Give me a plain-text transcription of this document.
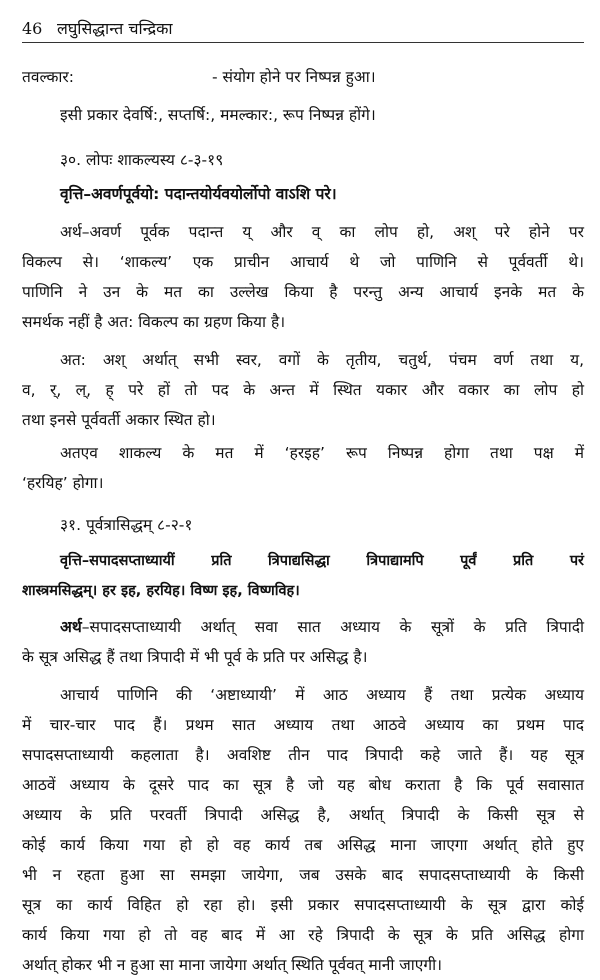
46 लघुसिद्धान्त चन्द्रिका
तवल्कार:	- संयोग होने पर निष्पन्न हुआ।
इसी प्रकार देवर्षि:, सप्तर्षि:, ममल्कार:, रूप निष्पन्न होंगे।
३०. लोपः शाकल्यस्य ८-३-१९
वृत्ति–अवर्णपूर्वयो: पदान्तयोर्यवयोर्लोपो वाऽशि परे।
अर्थ–अवर्ण पूर्वक पदान्त य् और व् का लोप हो, अश् परे होने पर
विकल्प से। ‘शाकल्य’ एक प्राचीन आचार्य थे जो पाणिनि से पूर्ववर्ती थे।
पाणिनि ने उन के मत का उल्लेख किया है परन्तु अन्य आचार्य इनके मत के
समर्थक नहीं है अत: विकल्प का ग्रहण किया है।
अत: अश् अर्थात् सभी स्वर, वगों के तृतीय, चतुर्थ, पंचम वर्ण तथा य,
व, र्, ल्, ह् परे हों तो पद के अन्त में स्थित यकार और वकार का लोप हो
तथा इनसे पूर्ववर्ती अकार स्थित हो।
अतएव शाकल्य के मत में ‘हरइह’ रूप निष्पन्न होगा तथा पक्ष में
‘हरयिह’ होगा।
३१. पूर्वत्रासिद्धम् ८-२-१
वृत्ति–सपादसप्ताध्यायीं प्रति त्रिपाद्यसिद्धा त्रिपाद्यामपि पूर्वं प्रति परं
शास्त्रमसिद्धम्। हर इह, हरयिह। विष्ण इह, विष्णविह।
अर्थ–सपादसप्ताध्यायी अर्थात् सवा सात अध्याय के सूत्रों के प्रति त्रिपादी
के सूत्र असिद्ध हैं तथा त्रिपादी में भी पूर्व के प्रति पर असिद्ध है।
आचार्य पाणिनि की ‘अष्टाध्यायी’ में आठ अध्याय हैं तथा प्रत्येक अध्याय
में चार-चार पाद हैं। प्रथम सात अध्याय तथा आठवे अध्याय का प्रथम पाद
सपादसप्ताध्यायी कहलाता है। अवशिष्ट तीन पाद त्रिपादी कहे जाते हैं। यह सूत्र
आठवें अध्याय के दूसरे पाद का सूत्र है जो यह बोध कराता है कि पूर्व सवासात
अध्याय के प्रति परवर्ती त्रिपादी असिद्ध है, अर्थात् त्रिपादी के किसी सूत्र से
कोई कार्य किया गया हो हो वह कार्य तब असिद्ध माना जाएगा अर्थात् होते हुए
भी न रहता हुआ सा समझा जायेगा, जब उसके बाद सपादसप्ताध्यायी के किसी
सूत्र का कार्य विहित हो रहा हो। इसी प्रकार सपादसप्ताध्यायी के सूत्र द्वारा कोई
कार्य किया गया हो तो वह बाद में आ रहे त्रिपादी के सूत्र के प्रति असिद्ध होगा
अर्थात् होकर भी न हुआ सा माना जायेगा अर्थात् स्थिति पूर्ववत् मानी जाएगी।
